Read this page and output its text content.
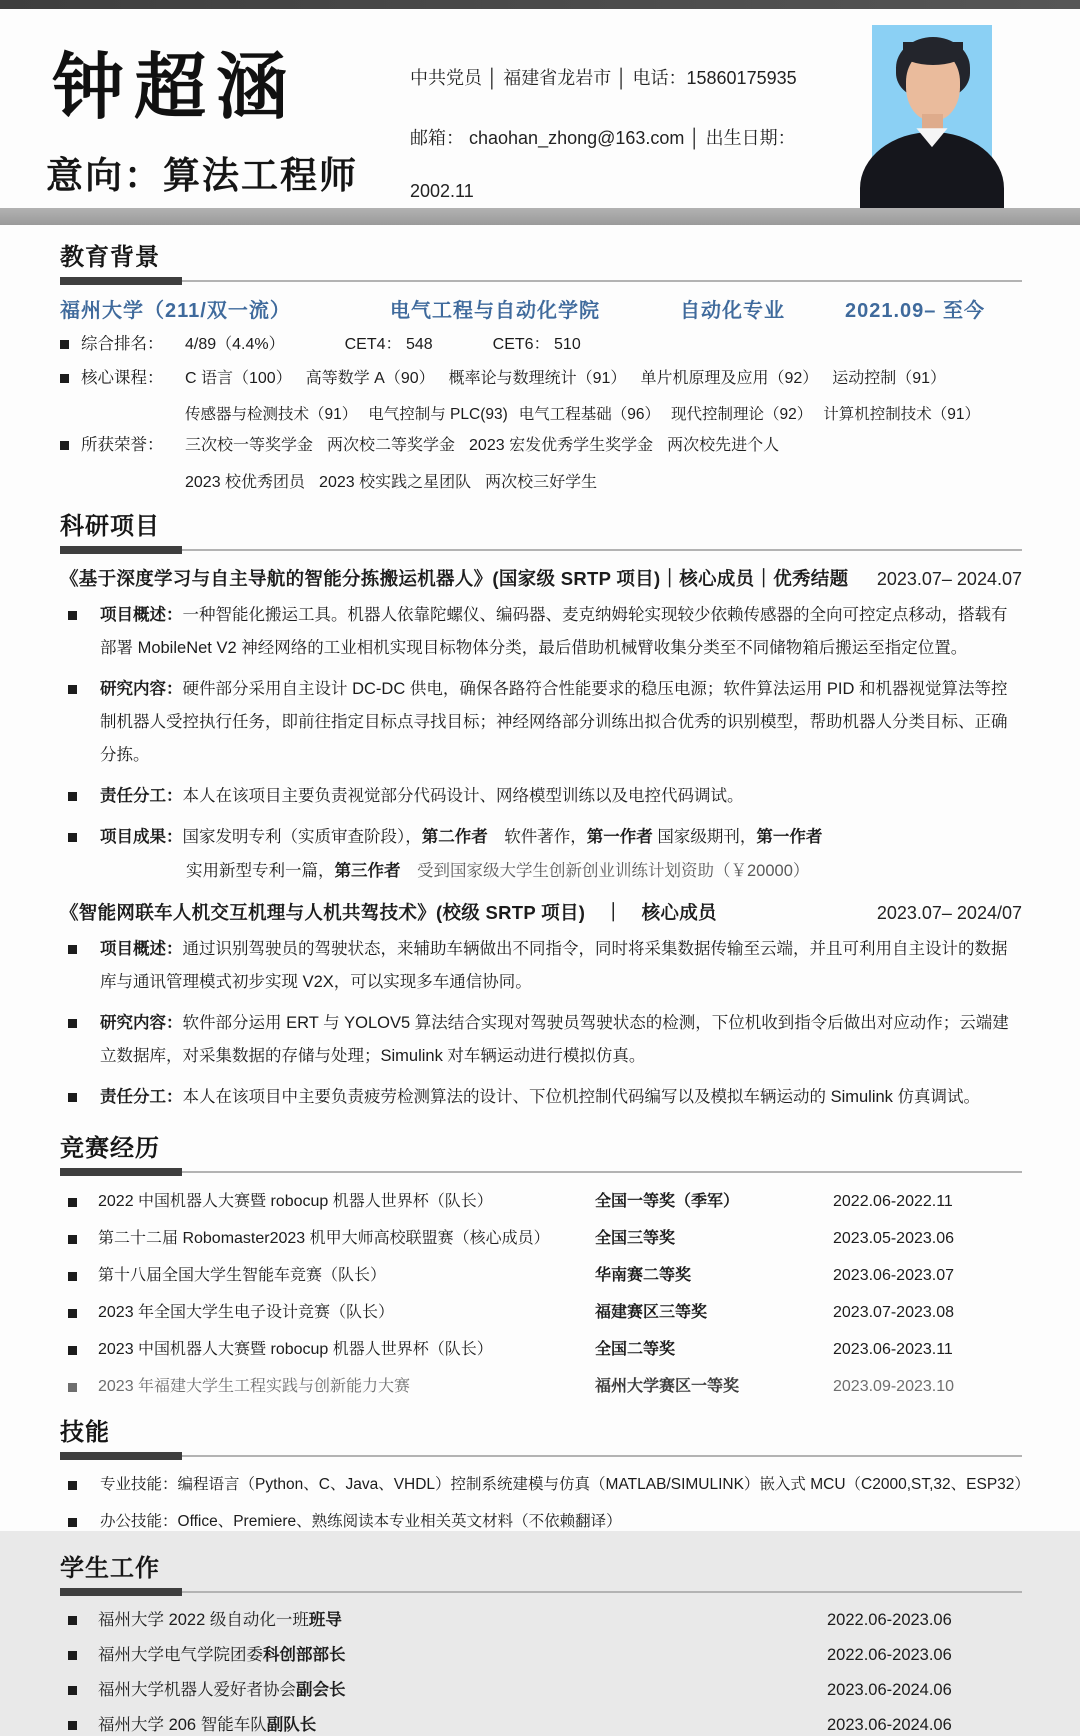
钟超涵
意向：算法工程师
中共党员 │ 福建省龙岩市 │ 电话：15860175935
邮箱： chaohan_zhong@163.com │ 出生日期：
2002.11
教育背景
福州大学（211/双一流）	电气工程与自动化学院	自动化专业	2021.09– 至今
综合排名：	4/89（4.4%）	CET4： 548	CET6： 510
核心课程：	C 语言（100） 高等数学 A（90） 概率论与数理统计（91） 单片机原理及应用（92） 运动控制（91）
传感器与检测技术（91） 电气控制与 PLC(93) 电气工程基础（96） 现代控制理论（92） 计算机控制技术（91）
所获荣誉：	三次校一等奖学金 两次校二等奖学金 2023 宏发优秀学生奖学金 两次校先进个人
2023 校优秀团员 2023 校实践之星团队 两次校三好学生
科研项目
《基于深度学习与自主导航的智能分拣搬运机器人》(国家级 SRTP 项目)｜核心成员｜优秀结题	2023.07– 2024.07
项目概述：一种智能化搬运工具。机器人依靠陀螺仪、编码器、麦克纳姆轮实现较少依赖传感器的全向可控定点移动，搭载有部署 MobileNet V2 神经网络的工业相机实现目标物体分类，最后借助机械臂收集分类至不同储物箱后搬运至指定位置。
研究内容：硬件部分采用自主设计 DC-DC 供电，确保各路符合性能要求的稳压电源；软件算法运用 PID 和机器视觉算法等控制机器人受控执行任务，即前往指定目标点寻找目标；神经网络部分训练出拟合优秀的识别模型，帮助机器人分类目标、正确分拣。
责任分工：本人在该项目主要负责视觉部分代码设计、网络模型训练以及电控代码调试。
项目成果：国家发明专利（实质审查阶段），第二作者　软件著作，第一作者 国家级期刊，第一作者
实用新型专利一篇，第三作者　受到国家级大学生创新创业训练计划资助（￥20000）
《智能网联车人机交互机理与人机共驾技术》(校级 SRTP 项目)　｜　核心成员	2023.07– 2024/07
项目概述：通过识别驾驶员的驾驶状态，来辅助车辆做出不同指令，同时将采集数据传输至云端，并且可利用自主设计的数据库与通讯管理模式初步实现 V2X，可以实现多车通信协同。
研究内容：软件部分运用 ERT 与 YOLOV5 算法结合实现对驾驶员驾驶状态的检测，下位机收到指令后做出对应动作；云端建立数据库，对采集数据的存储与处理；Simulink 对车辆运动进行模拟仿真。
责任分工：本人在该项目中主要负责疲劳检测算法的设计、下位机控制代码编写以及模拟车辆运动的 Simulink 仿真调试。
竞赛经历
2022 中国机器人大赛暨 robocup 机器人世界杯（队长）	全国一等奖（季军）	2022.06-2022.11
第二十二届 Robomaster2023 机甲大师高校联盟赛（核心成员）	全国三等奖	2023.05-2023.06
第十八届全国大学生智能车竞赛（队长）	华南赛二等奖	2023.06-2023.07
2023 年全国大学生电子设计竞赛（队长）	福建赛区三等奖	2023.07-2023.08
2023 中国机器人大赛暨 robocup 机器人世界杯（队长）	全国二等奖	2023.06-2023.11
2023 年福建大学生工程实践与创新能力大赛	福州大学赛区一等奖	2023.09-2023.10
技能
专业技能：编程语言（Python、C、Java、VHDL）控制系统建模与仿真（MATLAB/SIMULINK）嵌入式 MCU（C2000,ST,32、ESP32）
办公技能：Office、Premiere、熟练阅读本专业相关英文材料（不依赖翻译）
学生工作
福州大学 2022 级自动化一班班导	2022.06-2023.06
福州大学电气学院团委科创部部长	2022.06-2023.06
福州大学机器人爱好者协会副会长	2023.06-2024.06
福州大学 206 智能车队副队长	2023.06-2024.06
